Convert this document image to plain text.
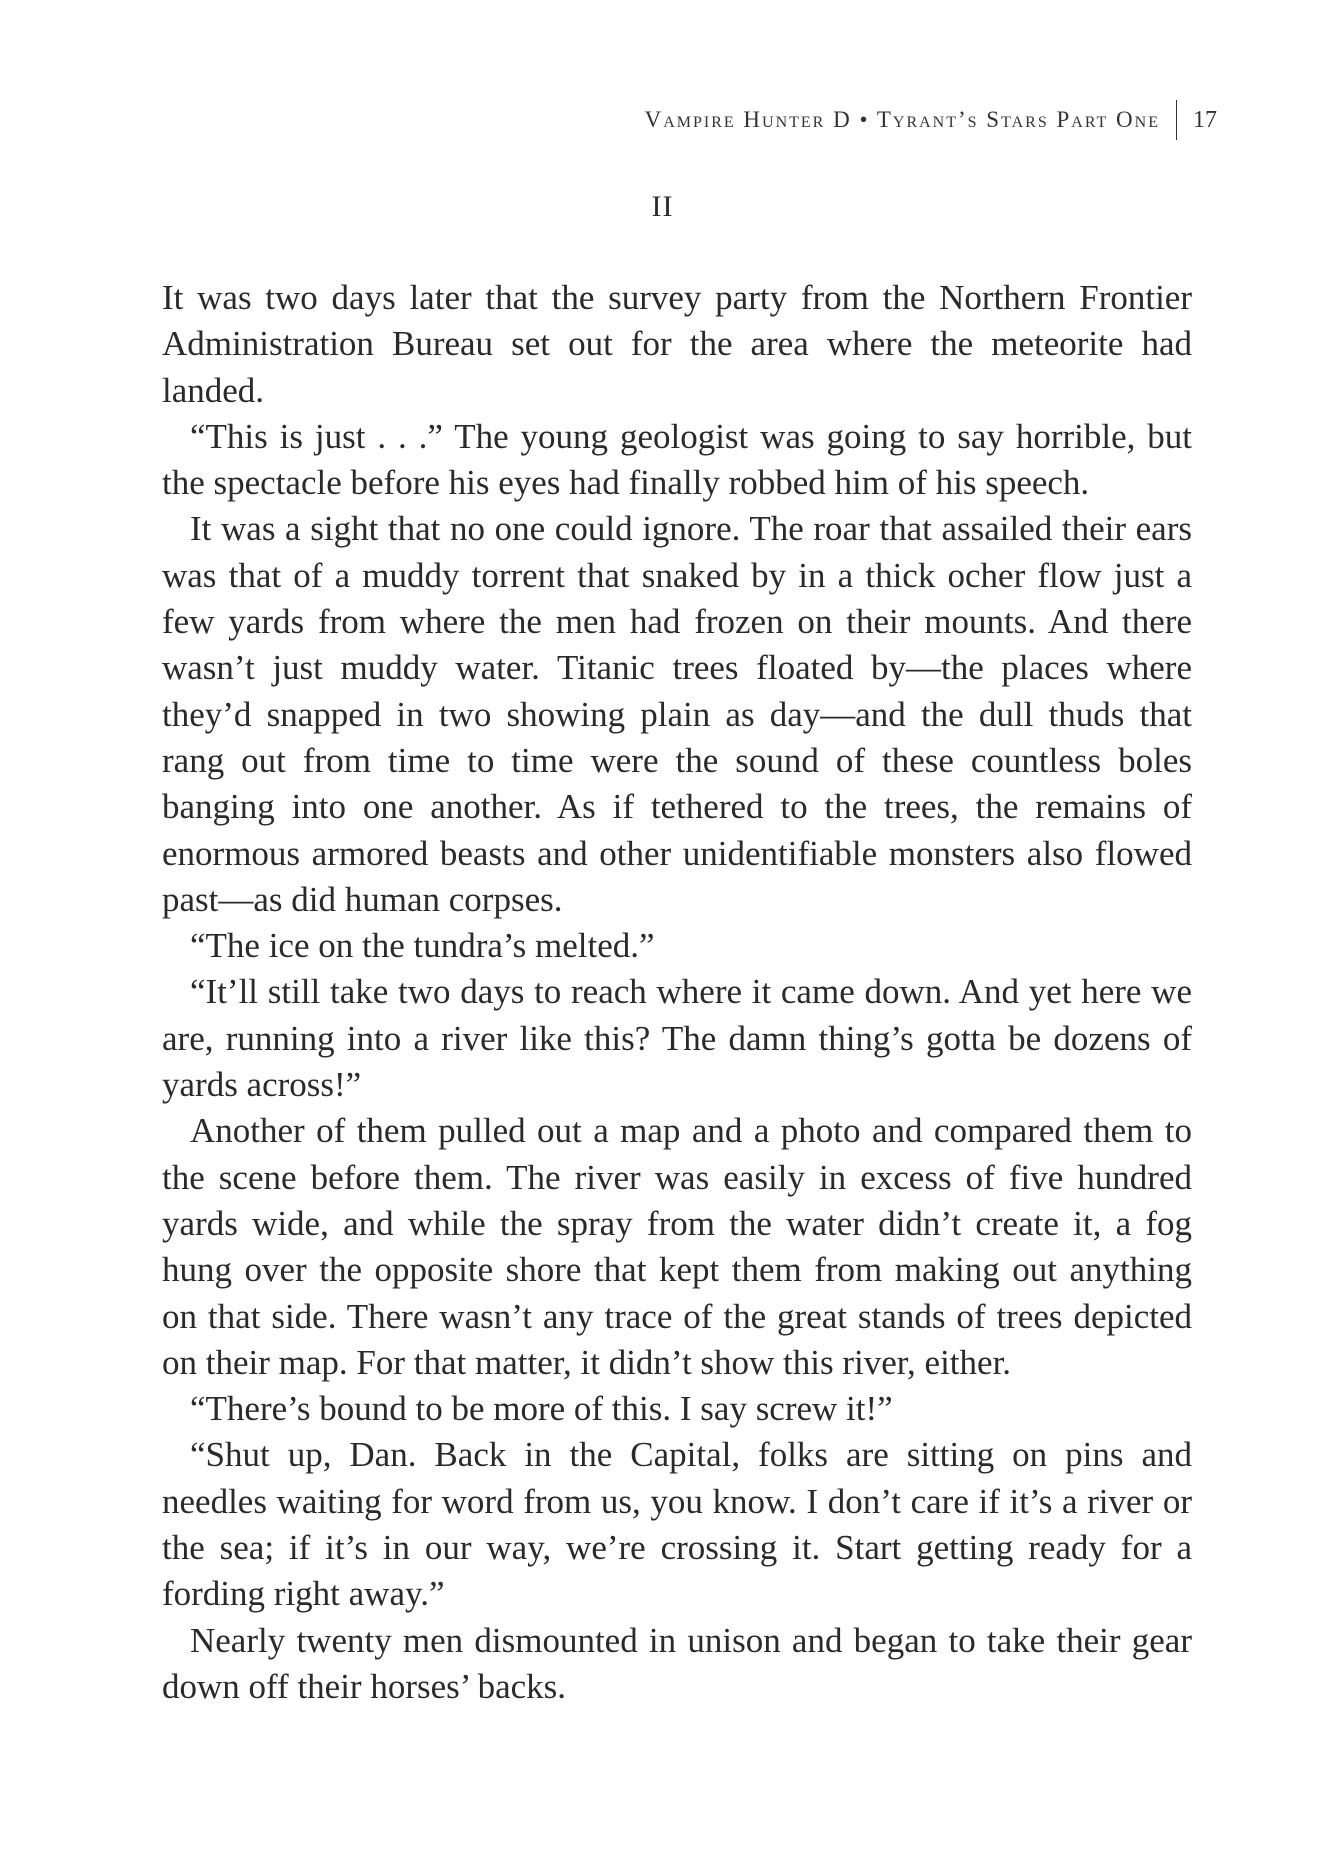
Vampire Hunter D • Tyrant’s Stars Part One 17
II

It was two days later that the survey party from the Northern Frontier Administration Bureau set out for the area where the meteorite had landed.

“This is just . . .” The young geologist was going to say horrible, but the spectacle before his eyes had finally robbed him of his speech.

It was a sight that no one could ignore. The roar that assailed their ears was that of a muddy torrent that snaked by in a thick ocher flow just a few yards from where the men had frozen on their mounts. And there wasn’t just muddy water. Titanic trees floated by—the places where they’d snapped in two showing plain as day—and the dull thuds that rang out from time to time were the sound of these countless boles banging into one another. As if tethered to the trees, the remains of enormous armored beasts and other unidentifiable monsters also flowed past—as did human corpses.

“The ice on the tundra’s melted.”

“It’ll still take two days to reach where it came down. And yet here we are, running into a river like this? The damn thing’s gotta be dozens of yards across!”

Another of them pulled out a map and a photo and compared them to the scene before them. The river was easily in excess of five hundred yards wide, and while the spray from the water didn’t create it, a fog hung over the opposite shore that kept them from making out anything on that side. There wasn’t any trace of the great stands of trees depicted on their map. For that matter, it didn’t show this river, either.

“There’s bound to be more of this. I say screw it!”

“Shut up, Dan. Back in the Capital, folks are sitting on pins and needles waiting for word from us, you know. I don’t care if it’s a river or the sea; if it’s in our way, we’re crossing it. Start getting ready for a fording right away.”

Nearly twenty men dismounted in unison and began to take their gear down off their horses’ backs.
